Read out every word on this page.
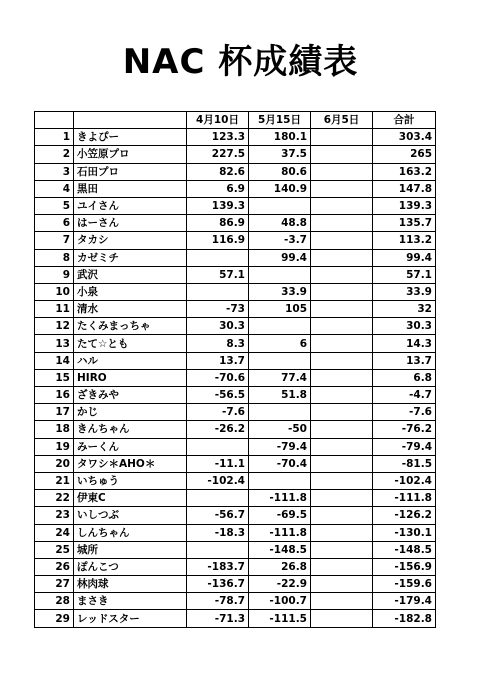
NAC 杯成績表
		4月10日	5月15日	6月5日	合計
1	きよぴー	123.3	180.1		303.4
2	小笠原プロ	227.5	37.5		265
3	石田プロ	82.6	80.6		163.2
4	黒田	6.9	140.9		147.8
5	ユイさん	139.3			139.3
6	はーさん	86.9	48.8		135.7
7	タカシ	116.9	-3.7		113.2
8	カゼミチ		99.4		99.4
9	武沢	57.1			57.1
10	小泉		33.9		33.9
11	清水	-73	105		32
12	たくみまっちゃ	30.3			30.3
13	たて☆とも	8.3	6		14.3
14	ハル	13.7			13.7
15	HIRO	-70.6	77.4		6.8
16	ざきみや	-56.5	51.8		-4.7
17	かじ	-7.6			-7.6
18	きんちゃん	-26.2	-50		-76.2
19	みーくん		-79.4		-79.4
20	タワシ＊AHO＊	-11.1	-70.4		-81.5
21	いちゅう	-102.4			-102.4
22	伊東C		-111.8		-111.8
23	いしつぶ	-56.7	-69.5		-126.2
24	しんちゃん	-18.3	-111.8		-130.1
25	城所		-148.5		-148.5
26	ぽんこつ	-183.7	26.8		-156.9
27	林肉球	-136.7	-22.9		-159.6
28	まさき	-78.7	-100.7		-179.4
29	レッドスター	-71.3	-111.5		-182.8
